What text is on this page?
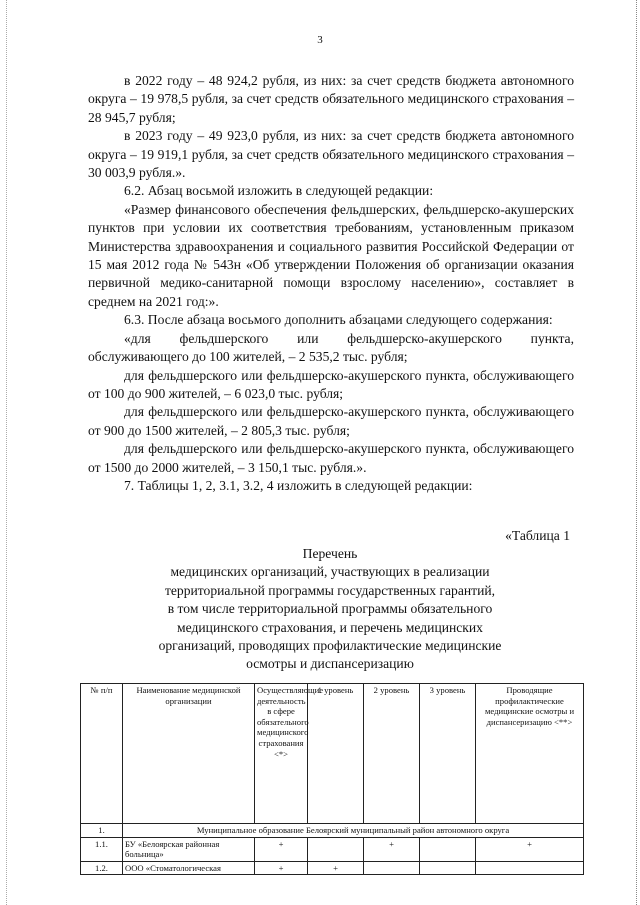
3

в 2022 году – 48 924,2 рубля, из них: за счет средств бюджета автономного округа – 19 978,5 рубля, за счет средств обязательного медицинского страхования – 28 945,7 рубля;

в 2023 году – 49 923,0 рубля, из них: за счет средств бюджета автономного округа – 19 919,1 рубля, за счет средств обязательного медицинского страхования – 30 003,9 рубля.».

6.2. Абзац восьмой изложить в следующей редакции:

«Размер финансового обеспечения фельдшерских, фельдшерско-акушерских пунктов при условии их соответствия требованиям, установленным приказом Министерства здравоохранения и социального развития Российской Федерации от 15 мая 2012 года № 543н «Об утверждении Положения об организации оказания первичной медико-санитарной помощи взрослому населению», составляет в среднем на 2021 год:».

6.3. После абзаца восьмого дополнить абзацами следующего содержания:

«для фельдшерского или фельдшерско-акушерского пункта, обслуживающего до 100 жителей, – 2 535,2 тыс. рубля;

для фельдшерского или фельдшерско-акушерского пункта, обслуживающего от 100 до 900 жителей, – 6 023,0 тыс. рубля;

для фельдшерского или фельдшерско-акушерского пункта, обслуживающего от 900 до 1500 жителей, – 2 805,3 тыс. рубля;

для фельдшерского или фельдшерско-акушерского пункта, обслуживающего от 1500 до 2000 жителей, – 3 150,1 тыс. рубля.».

7. Таблицы 1, 2, 3.1, 3.2, 4 изложить в следующей редакции:

«Таблица 1

Перечень

медицинских организаций, участвующих в реализации

территориальной программы государственных гарантий,

в том числе территориальной программы обязательного

медицинского страхования, и перечень медицинских

организаций, проводящих профилактические медицинские

осмотры и диспансеризацию

№ п/п	Наименование медицинской организации	Осуществляющие деятельность в сфере обязательного медицинского страхования <*>	1 уровень	2 уровень	3 уровень	Проводящие профилактические медицинские осмотры и диспансеризацию <**>
1.	Муниципальное образование Белоярский муниципальный район автономного округа					
1.1.	БУ «Белоярская районная больница»	+		+		+
1.2.	ООО «Стоматологическая	+	+			
